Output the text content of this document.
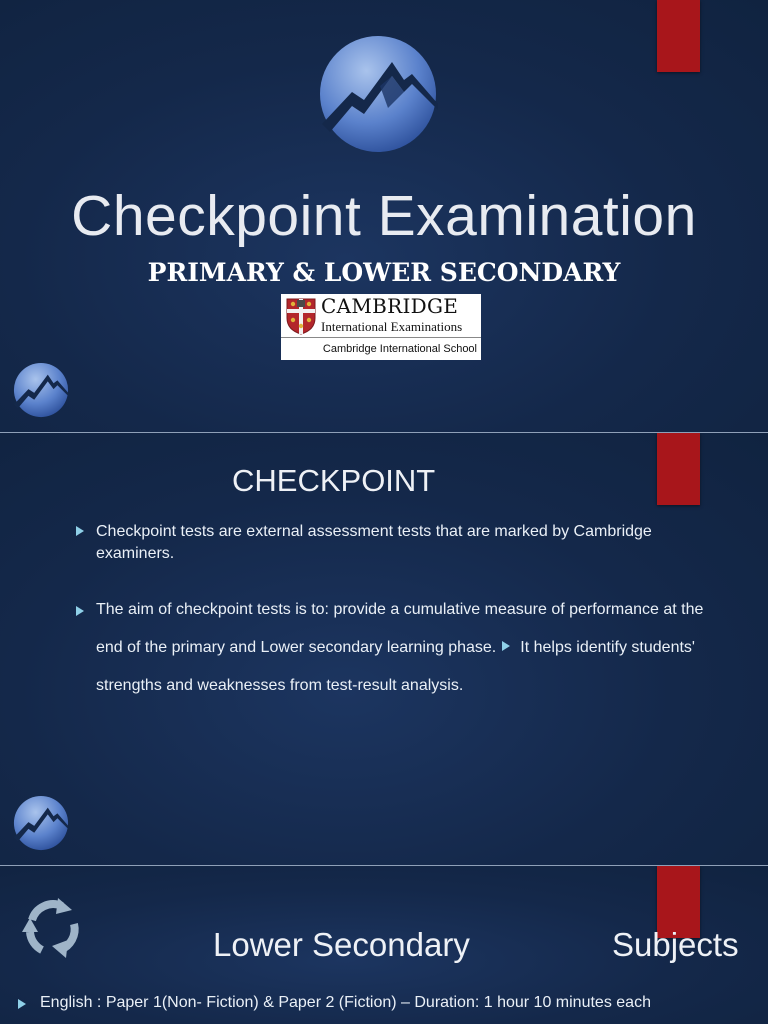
Checkpoint Examination
PRIMARY & LOWER SECONDARY
CAMBRIDGE
International Examinations
Cambridge International School
CHECKPOINT
Checkpoint tests are external assessment tests that are marked by Cambridge examiners.
The aim of checkpoint tests is to: provide a cumulative measure of performance at the end of the primary and Lower secondary learning phase. It helps identify students' strengths and weaknesses from test-result analysis.
Lower Secondary	Subjects
English : Paper 1(Non- Fiction) & Paper 2 (Fiction) – Duration: 1 hour 10 minutes each
